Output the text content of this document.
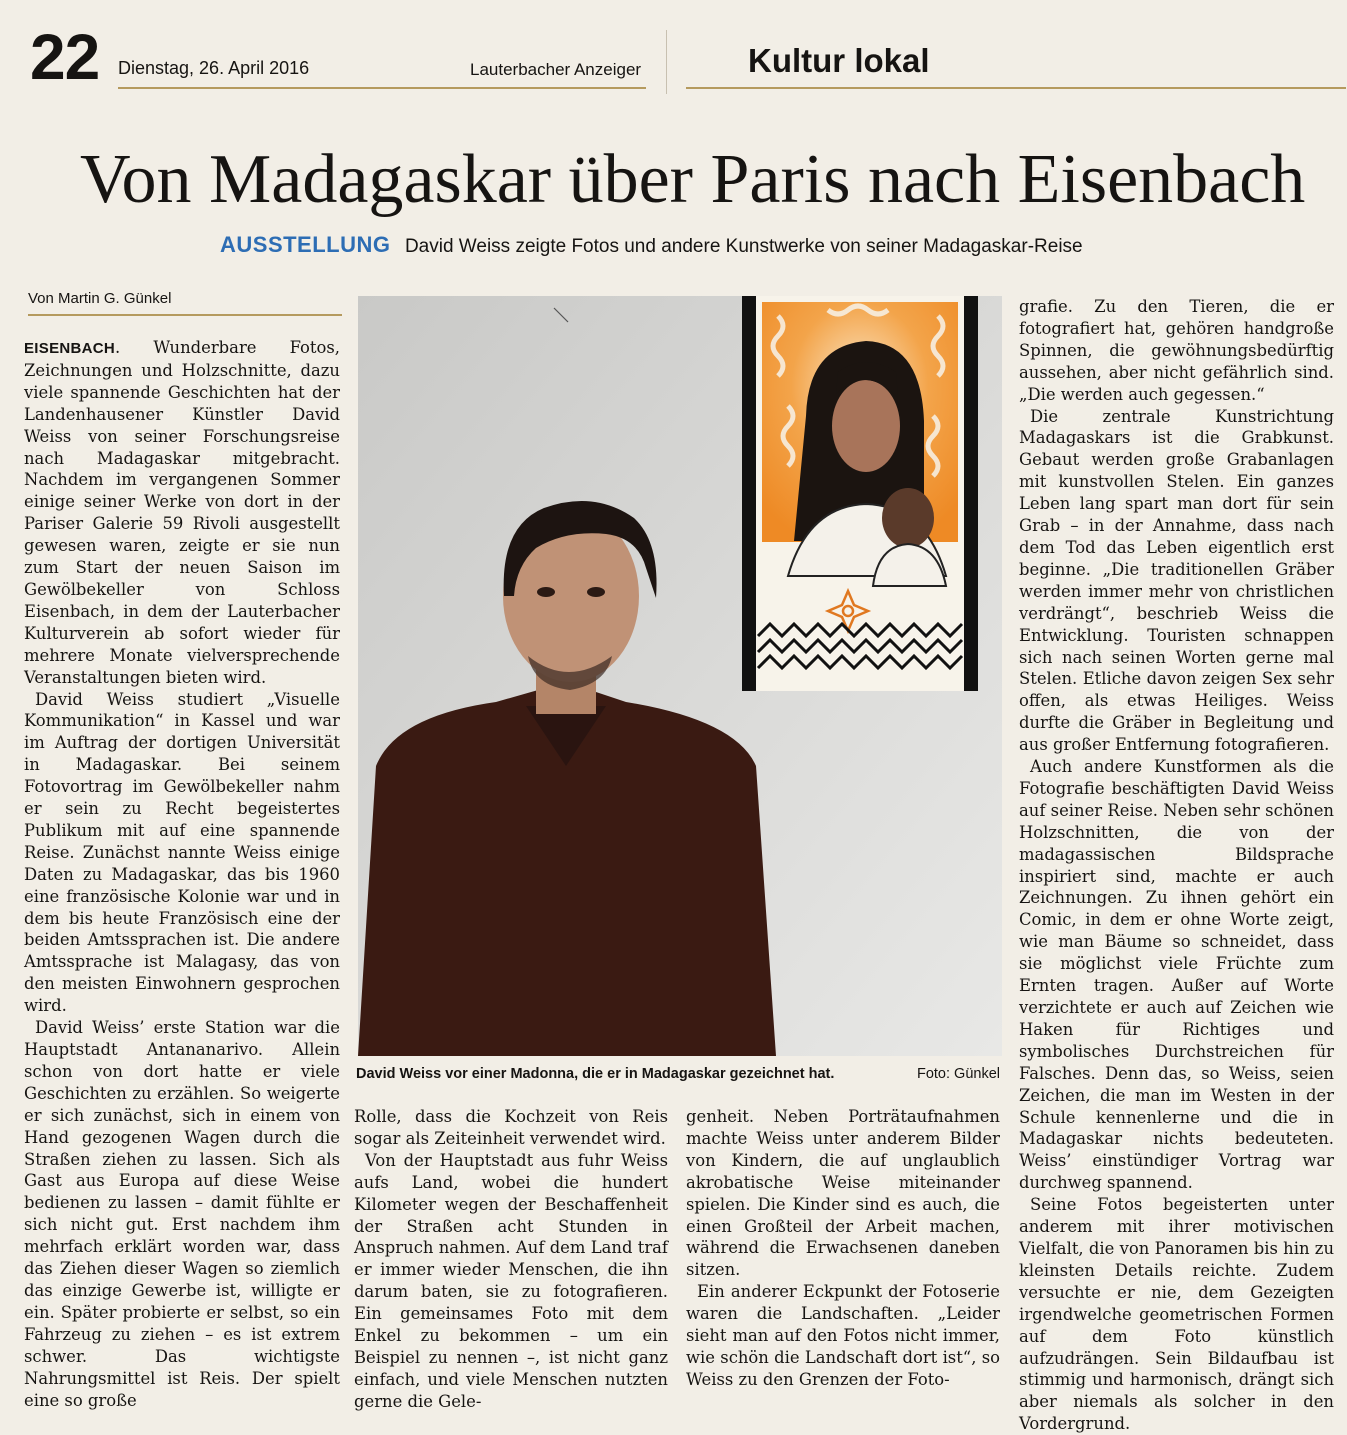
22 Dienstag, 26. April 2016	Lauterbacher Anzeiger	Kultur lokal
Von Madagaskar über Paris nach Eisenbach
AUSSTELLUNG David Weiss zeigte Fotos und andere Kunstwerke von seiner Madagaskar-Reise
Von Martin G. Günkel

EISENBACH. Wunderbare Fotos, Zeichnungen und Holzschnitte, dazu viele spannende Geschichten hat der Landenhausener Künstler David Weiss von seiner Forschungsreise nach Madagaskar mitgebracht. Nachdem im vergangenen Sommer einige seiner Werke von dort in der Pariser Galerie 59 Rivoli ausgestellt gewesen waren, zeigte er sie nun zum Start der neuen Saison im Gewölbekeller von Schloss Eisenbach, in dem der Lauterbacher Kulturverein ab sofort wieder für mehrere Monate vielversprechende Veranstaltungen bieten wird.

David Weiss studiert „Visuelle Kommunikation“ in Kassel und war im Auftrag der dortigen Universität in Madagaskar. Bei seinem Fotovortrag im Gewölbekeller nahm er sein zu Recht begeistertes Publikum mit auf eine spannende Reise. Zunächst nannte Weiss einige Daten zu Madagaskar, das bis 1960 eine französische Kolonie war und in dem bis heute Französisch eine der beiden Amtssprachen ist. Die andere Amtssprache ist Malagasy, das von den meisten Einwohnern gesprochen wird.

David Weiss’ erste Station war die Hauptstadt Antananarivo. Allein schon von dort hatte er viele Geschichten zu erzählen. So weigerte er sich zunächst, sich in einem von Hand gezogenen Wagen durch die Straßen ziehen zu lassen. Sich als Gast aus Europa auf diese Weise bedienen zu lassen – damit fühlte er sich nicht gut. Erst nachdem ihm mehrfach erklärt worden war, dass das Ziehen dieser Wagen so ziemlich das einzige Gewerbe ist, willigte er ein. Später probierte er selbst, so ein Fahrzeug zu ziehen – es ist extrem schwer. Das wichtigste Nahrungsmittel ist Reis. Der spielt eine so große

David Weiss vor einer Madonna, die er in Madagaskar gezeichnet hat.	Foto: Günkel

Rolle, dass die Kochzeit von Reis sogar als Zeiteinheit verwendet wird.

Von der Hauptstadt aus fuhr Weiss aufs Land, wobei die hundert Kilometer wegen der Beschaffenheit der Straßen acht Stunden in Anspruch nahmen. Auf dem Land traf er immer wieder Menschen, die ihn darum baten, sie zu fotografieren. Ein gemeinsames Foto mit dem Enkel zu bekommen – um ein Beispiel zu nennen –, ist nicht ganz einfach, und viele Menschen nutzten gerne die Gele-

genheit. Neben Porträtaufnahmen machte Weiss unter anderem Bilder von Kindern, die auf unglaublich akrobatische Weise miteinander spielen. Die Kinder sind es auch, die einen Großteil der Arbeit machen, während die Erwachsenen daneben sitzen.

Ein anderer Eckpunkt der Fotoserie waren die Landschaften. „Leider sieht man auf den Fotos nicht immer, wie schön die Landschaft dort ist“, so Weiss zu den Grenzen der Foto-

grafie. Zu den Tieren, die er fotografiert hat, gehören handgroße Spinnen, die gewöhnungsbedürftig aussehen, aber nicht gefährlich sind. „Die werden auch gegessen.“

Die zentrale Kunstrichtung Madagaskars ist die Grabkunst. Gebaut werden große Grabanlagen mit kunstvollen Stelen. Ein ganzes Leben lang spart man dort für sein Grab – in der Annahme, dass nach dem Tod das Leben eigentlich erst beginne. „Die traditionellen Gräber werden immer mehr von christlichen verdrängt“, beschrieb Weiss die Entwicklung. Touristen schnappen sich nach seinen Worten gerne mal Stelen. Etliche davon zeigen Sex sehr offen, als etwas Heiliges. Weiss durfte die Gräber in Begleitung und aus großer Entfernung fotografieren.

Auch andere Kunstformen als die Fotografie beschäftigten David Weiss auf seiner Reise. Neben sehr schönen Holzschnitten, die von der madagassischen Bildsprache inspiriert sind, machte er auch Zeichnungen. Zu ihnen gehört ein Comic, in dem er ohne Worte zeigt, wie man Bäume so schneidet, dass sie möglichst viele Früchte zum Ernten tragen. Außer auf Worte verzichtete er auch auf Zeichen wie Haken für Richtiges und symbolisches Durchstreichen für Falsches. Denn das, so Weiss, seien Zeichen, die man im Westen in der Schule kennenlerne und die in Madagaskar nichts bedeuteten. Weiss’ einstündiger Vortrag war durchweg spannend.

Seine Fotos begeisterten unter anderem mit ihrer motivischen Vielfalt, die von Panoramen bis hin zu kleinsten Details reichte. Zudem versuchte er nie, dem Gezeigten irgendwelche geometrischen Formen auf dem Foto künstlich aufzudrängen. Sein Bildaufbau ist stimmig und harmonisch, drängt sich aber niemals als solcher in den Vordergrund.
